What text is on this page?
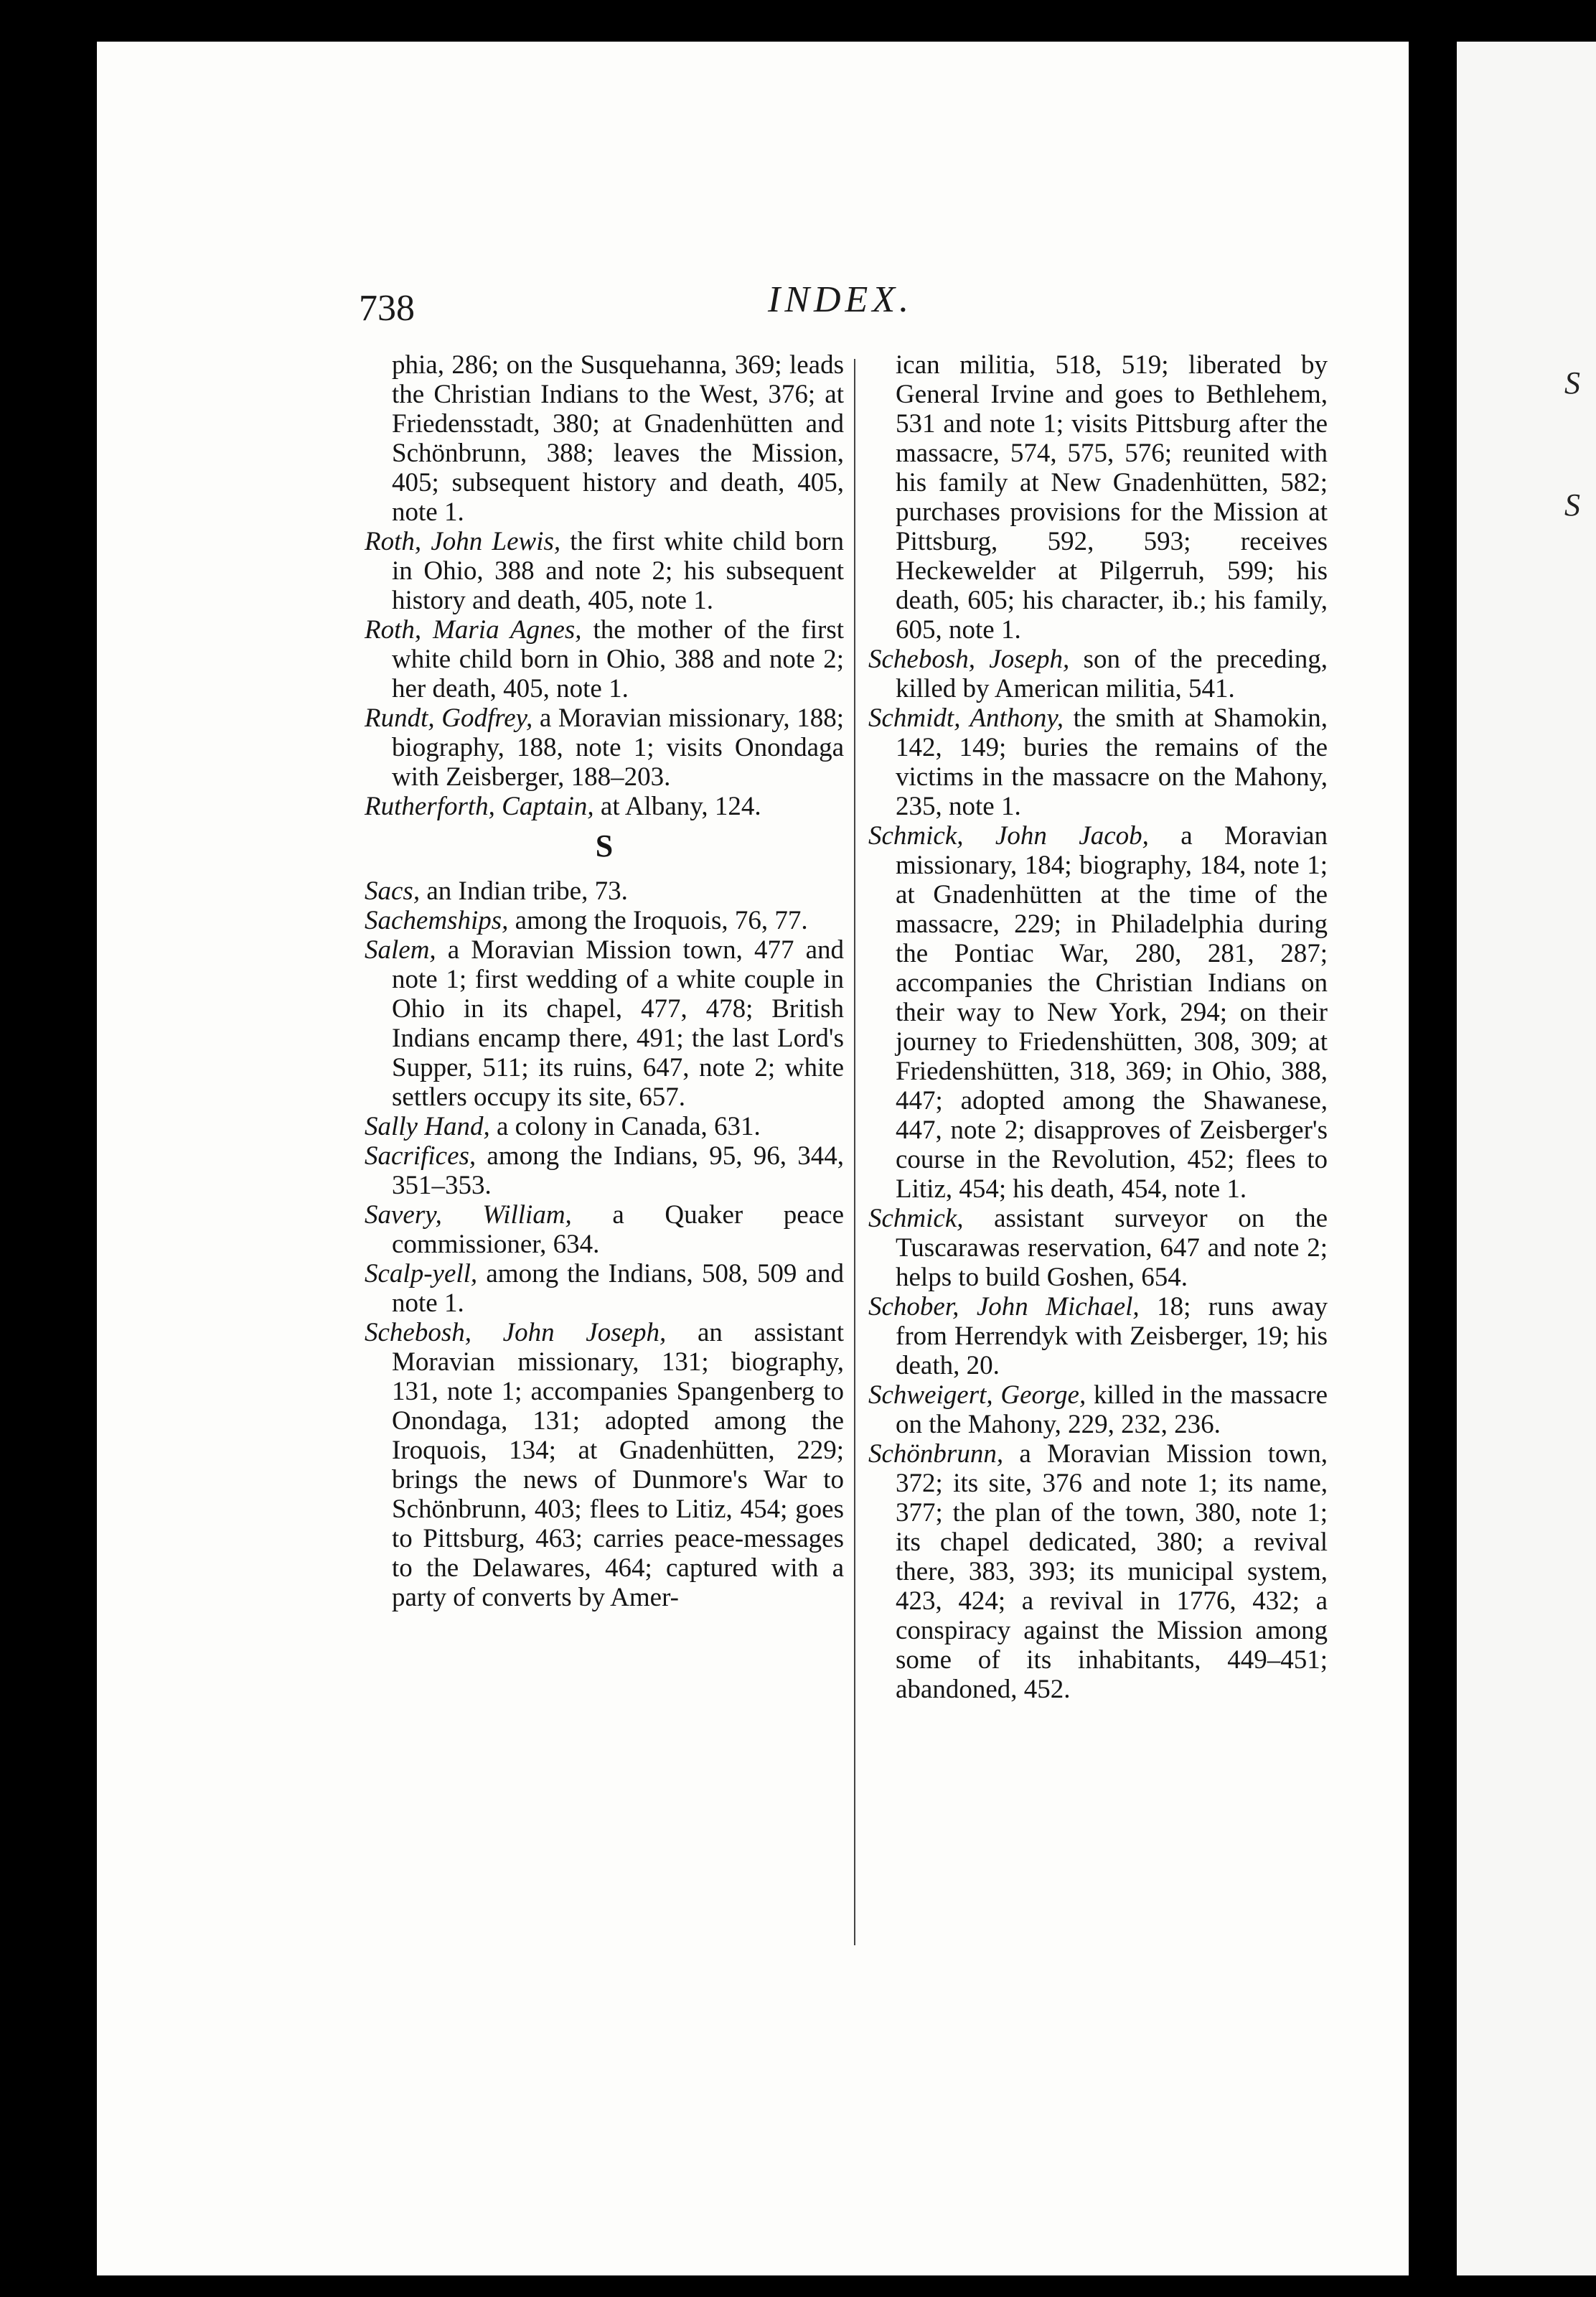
S
S
738	INDEX.

phia, 286; on the Susquehanna, 369; leads the Christian Indians to the West, 376; at Friedensstadt, 380; at Gnadenhütten and Schönbrunn, 388; leaves the Mission, 405; subsequent history and death, 405, note 1.

Roth, John Lewis, the first white child born in Ohio, 388 and note 2; his subsequent history and death, 405, note 1.

Roth, Maria Agnes, the mother of the first white child born in Ohio, 388 and note 2; her death, 405, note 1.

Rundt, Godfrey, a Moravian missionary, 188; biography, 188, note 1; visits Onondaga with Zeisberger, 188–203.

Rutherforth, Captain, at Albany, 124.

S

Sacs, an Indian tribe, 73.

Sachemships, among the Iroquois, 76, 77.

Salem, a Moravian Mission town, 477 and note 1; first wedding of a white couple in Ohio in its chapel, 477, 478; British Indians encamp there, 491; the last Lord's Supper, 511; its ruins, 647, note 2; white settlers occupy its site, 657.

Sally Hand, a colony in Canada, 631.

Sacrifices, among the Indians, 95, 96, 344, 351–353.

Savery, William, a Quaker peace commissioner, 634.

Scalp-yell, among the Indians, 508, 509 and note 1.

Schebosh, John Joseph, an assistant Moravian missionary, 131; biography, 131, note 1; accompanies Spangenberg to Onondaga, 131; adopted among the Iroquois, 134; at Gnadenhütten, 229; brings the news of Dunmore's War to Schönbrunn, 403; flees to Litiz, 454; goes to Pittsburg, 463; carries peace-messages to the Delawares, 464; captured with a party of converts by Amer-

ican militia, 518, 519; liberated by General Irvine and goes to Bethlehem, 531 and note 1; visits Pittsburg after the massacre, 574, 575, 576; reunited with his family at New Gnadenhütten, 582; purchases provisions for the Mission at Pittsburg, 592, 593; receives Heckewelder at Pilgerruh, 599; his death, 605; his character, ib.; his family, 605, note 1.

Schebosh, Joseph, son of the preceding, killed by American militia, 541.

Schmidt, Anthony, the smith at Shamokin, 142, 149; buries the remains of the victims in the massacre on the Mahony, 235, note 1.

Schmick, John Jacob, a Moravian missionary, 184; biography, 184, note 1; at Gnadenhütten at the time of the massacre, 229; in Philadelphia during the Pontiac War, 280, 281, 287; accompanies the Christian Indians on their way to New York, 294; on their journey to Friedenshütten, 308, 309; at Friedenshütten, 318, 369; in Ohio, 388, 447; adopted among the Shawanese, 447, note 2; disapproves of Zeisberger's course in the Revolution, 452; flees to Litiz, 454; his death, 454, note 1.

Schmick, assistant surveyor on the Tuscarawas reservation, 647 and note 2; helps to build Goshen, 654.

Schober, John Michael, 18; runs away from Herrendyk with Zeisberger, 19; his death, 20.

Schweigert, George, killed in the massacre on the Mahony, 229, 232, 236.

Schönbrunn, a Moravian Mission town, 372; its site, 376 and note 1; its name, 377; the plan of the town, 380, note 1; its chapel dedicated, 380; a revival there, 383, 393; its municipal system, 423, 424; a revival in 1776, 432; a conspiracy against the Mission among some of its inhabitants, 449–451; abandoned, 452.
